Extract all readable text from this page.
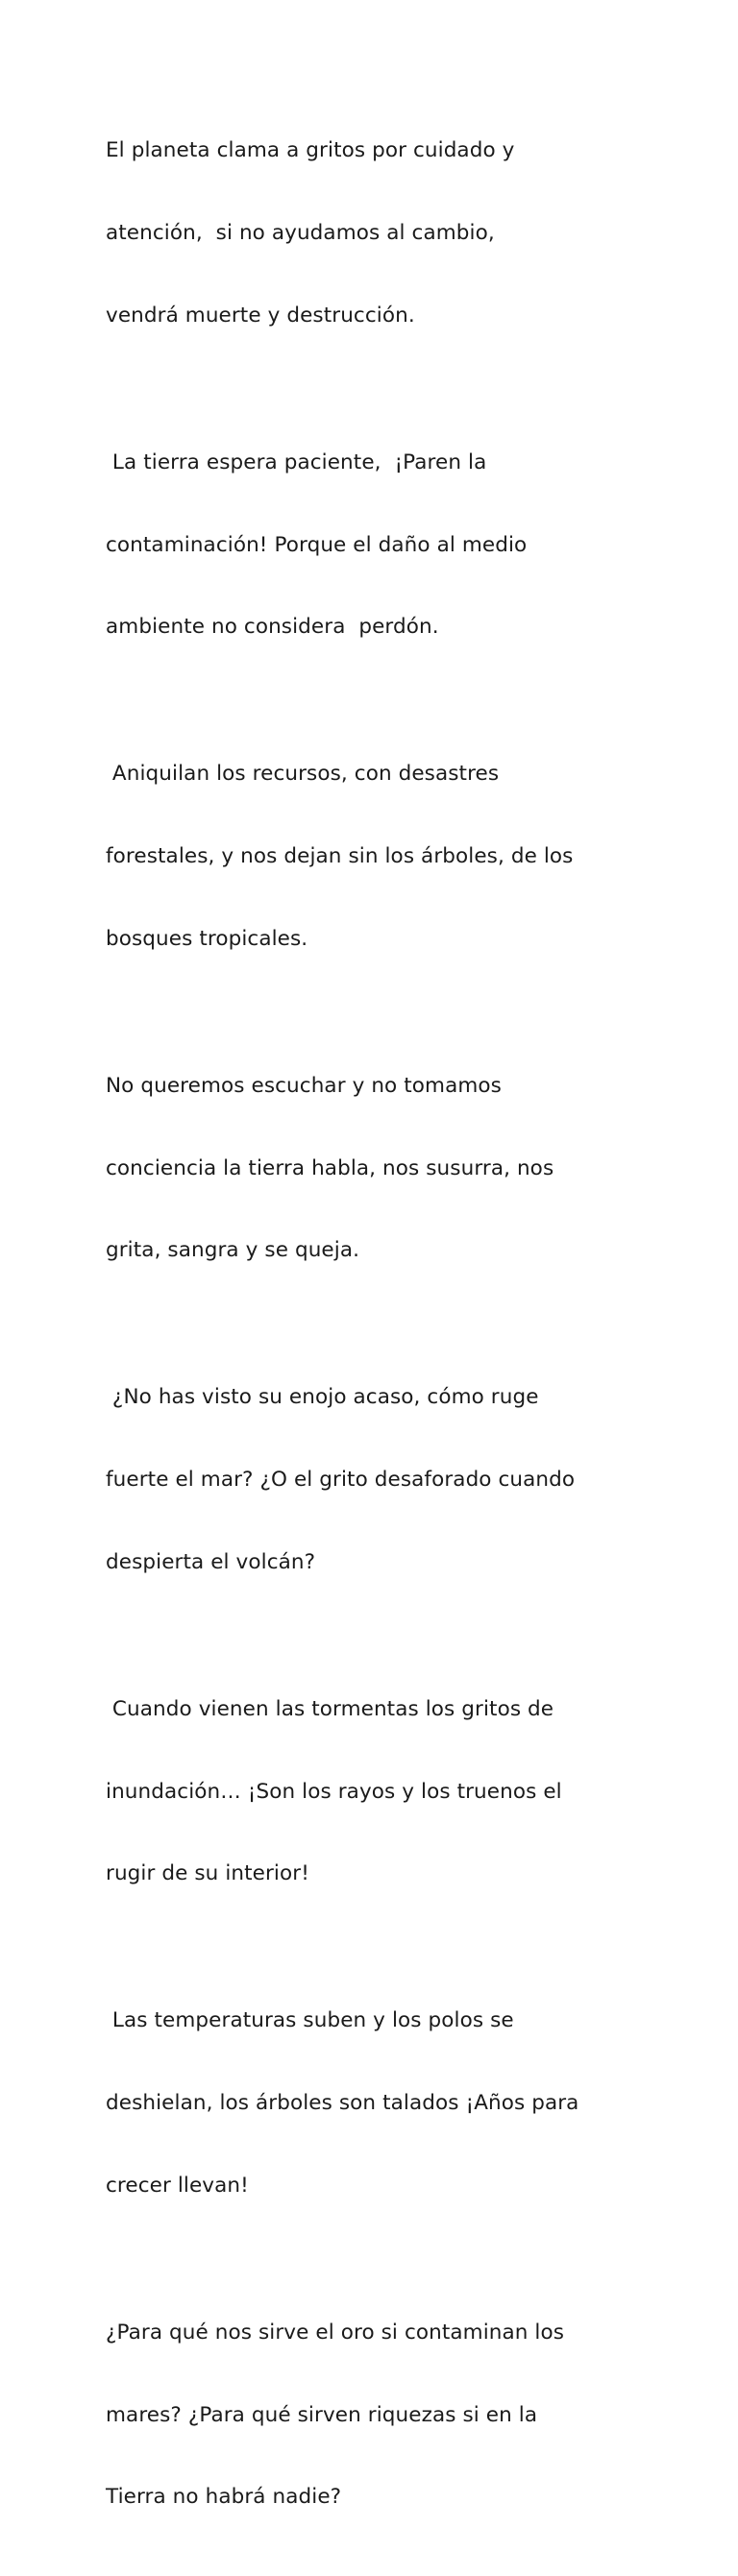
El planeta clama a gritos por cuidado y

atención,  si no ayudamos al cambio,

vendrá muerte y destrucción.

La tierra espera paciente,  ¡Paren la

contaminación! Porque el daño al medio

ambiente no considera  perdón.

Aniquilan los recursos, con desastres

forestales, y nos dejan sin los árboles, de los

bosques tropicales.

No queremos escuchar y no tomamos

conciencia la tierra habla, nos susurra, nos

grita, sangra y se queja.

¿No has visto su enojo acaso, cómo ruge

fuerte el mar? ¿O el grito desaforado cuando

despierta el volcán?

Cuando vienen las tormentas los gritos de

inundación… ¡Son los rayos y los truenos el

rugir de su interior!

Las temperaturas suben y los polos se

deshielan, los árboles son talados ¡Años para

crecer llevan!

¿Para qué nos sirve el oro si contaminan los

mares? ¿Para qué sirven riquezas si en la

Tierra no habrá nadie?
